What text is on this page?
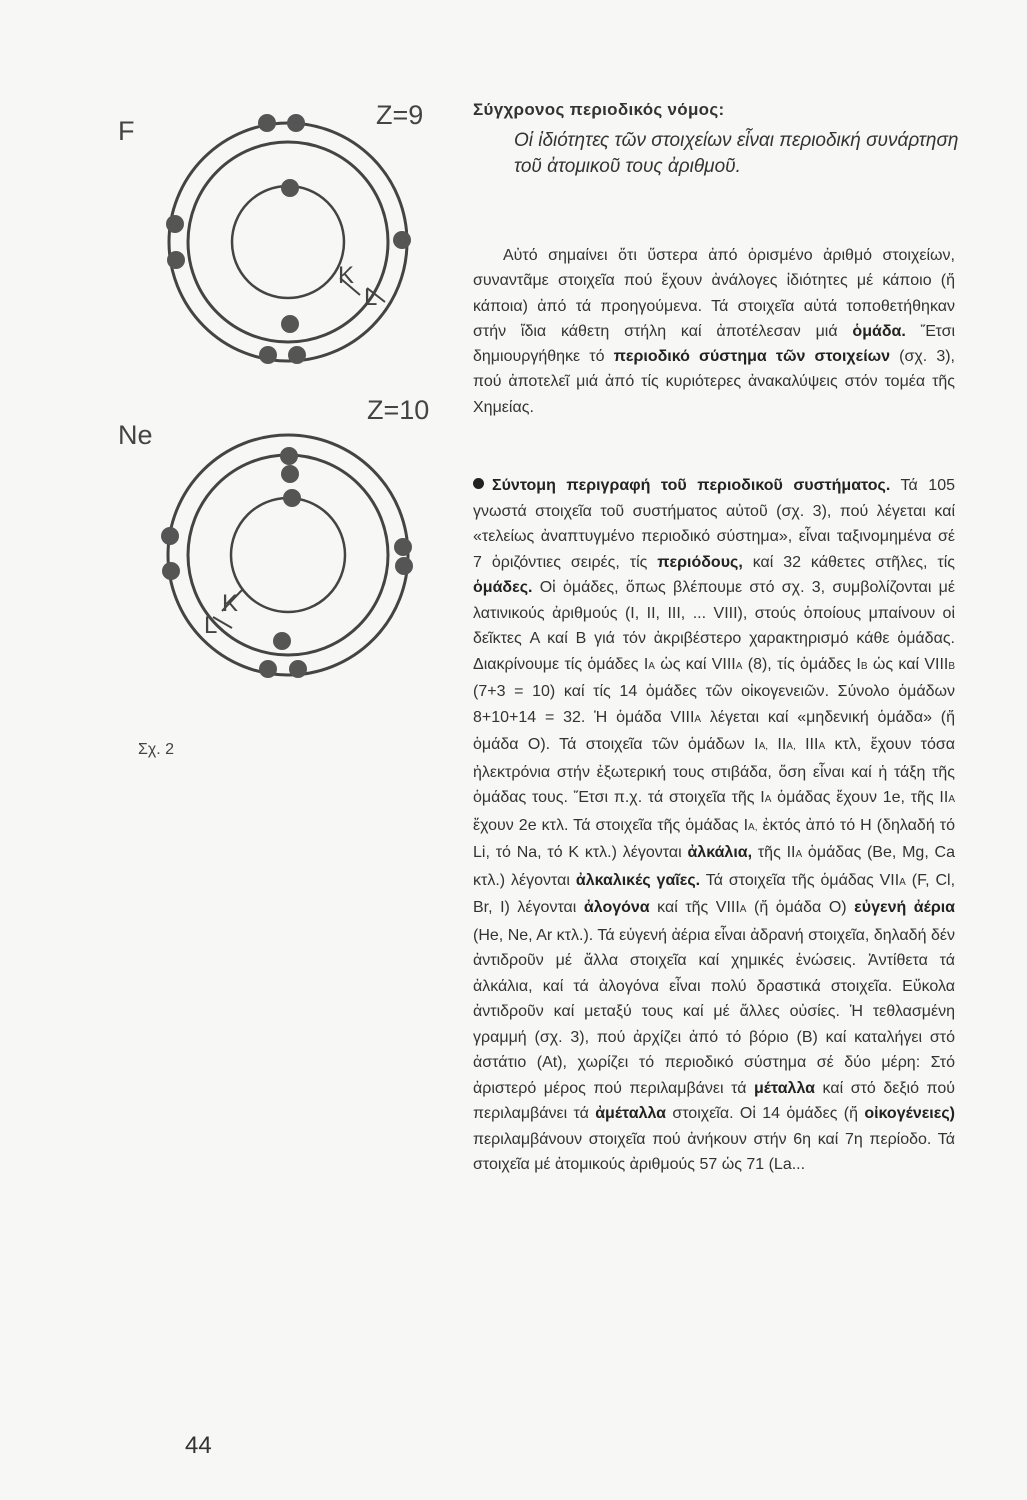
F
Z=9
K
L
Ne
Z=10
K
L
Σχ. 2
Σύγχρονος περιοδικός νόμος:
Οἱ ἰδιότητες τῶν στοιχείων εἶναι περιοδική συνάρτηση τοῦ ἀτομικοῦ τους ἀριθμοῦ.
Αὐτό σημαίνει ὅτι ὕστερα ἀπό ὁρισμένο ἀριθμό στοιχείων, συναντᾶμε στοιχεῖα πού ἔχουν ἀνάλογες ἰδιότητες μέ κάποιο (ἤ κάποια) ἀπό τά προηγούμενα. Τά στοιχεῖα αὐτά τοποθετήθηκαν στήν ἴδια κάθετη στήλη καί ἀποτέλεσαν μιά ὁμάδα. Ἔτσι δημιουργήθηκε τό περιοδικό σύστημα τῶν στοιχείων (σχ. 3), πού ἀποτελεῖ μιά ἀπό τίς κυριότερες ἀνακαλύψεις στόν τομέα τῆς Χημείας.
Σύντομη περιγραφή τοῦ περιοδικοῦ συστήματος. Τά 105 γνωστά στοιχεῖα τοῦ συστήματος αὐτοῦ (σχ. 3), πού λέγεται καί «τελείως ἀναπτυγμένο περιοδικό σύστημα», εἶναι ταξινομημένα σέ 7 ὁριζόντιες σειρές, τίς περιόδους, καί 32 κάθετες στῆλες, τίς ὁμάδες. Οἱ ὁμάδες, ὅπως βλέπουμε στό σχ. 3, συμβολίζονται μέ λατινικούς ἀριθμούς (I, II, III, ... VIII), στούς ὁποίους μπαίνουν οἱ δεῖκτες A καί B γιά τόν ἀκριβέστερο χαρακτηρισμό κάθε ὁμάδας. Διακρίνουμε τίς ὁμάδες IA ὡς καί VIIIA (8), τίς ὁμάδες IB ὡς καί VIIIB (7+3 = 10) καί τίς 14 ὁμάδες τῶν οἰκογενειῶν. Σύνολο ὁμάδων 8+10+14 = 32. Ἡ ὁμάδα VIIIA λέγεται καί «μηδενική ὁμάδα» (ἤ ὁμάδα O). Τά στοιχεῖα τῶν ὁμάδων IA, IIA, IIIA κτλ, ἔχουν τόσα ἠλεκτρόνια στήν ἐξωτερική τους στιβάδα, ὅση εἶναι καί ἡ τάξη τῆς ὁμάδας τους. Ἔτσι π.χ. τά στοιχεῖα τῆς IA ὁμάδας ἔχουν 1e, τῆς IIA ἔχουν 2e κτλ. Τά στοιχεῖα τῆς ὁμάδας IA, ἐκτός ἀπό τό H (δηλαδή τό Li, τό Na, τό K κτλ.) λέγονται ἀλκάλια, τῆς IIA ὁμάδας (Be, Mg, Ca κτλ.) λέγονται ἀλκαλικές γαῖες. Τά στοιχεῖα τῆς ὁμάδας VIIA (F, Cl, Br, I) λέγονται ἀλογόνα καί τῆς VIIIA (ἤ ὁμάδα O) εὐγενή ἀέρια (He, Ne, Ar κτλ.). Τά εὐγενή ἀέρια εἶναι ἀδρανή στοιχεῖα, δηλαδή δέν ἀντιδροῦν μέ ἄλλα στοιχεῖα καί χημικές ἑνώσεις. Ἀντίθετα τά ἀλκάλια, καί τά ἀλογόνα εἶναι πολύ δραστικά στοιχεῖα. Εὔκολα ἀντιδροῦν καί μεταξύ τους καί μέ ἄλλες οὐσίες. Ἡ τεθλασμένη γραμμή (σχ. 3), πού ἀρχίζει ἀπό τό βόριο (B) καί καταλήγει στό ἀστάτιο (At), χωρίζει τό περιοδικό σύστημα σέ δύο μέρη: Στό ἀριστερό μέρος πού περιλαμβάνει τά μέταλλα καί στό δεξιό πού περιλαμβάνει τά ἀμέταλλα στοιχεῖα. Οἱ 14 ὁμάδες (ἤ οἰκογένειες) περιλαμβάνουν στοιχεῖα πού ἀνήκουν στήν 6η καί 7η περίοδο. Τά στοιχεῖα μέ ἀτομικούς ἀριθμούς 57 ὡς 71 (La...
44
